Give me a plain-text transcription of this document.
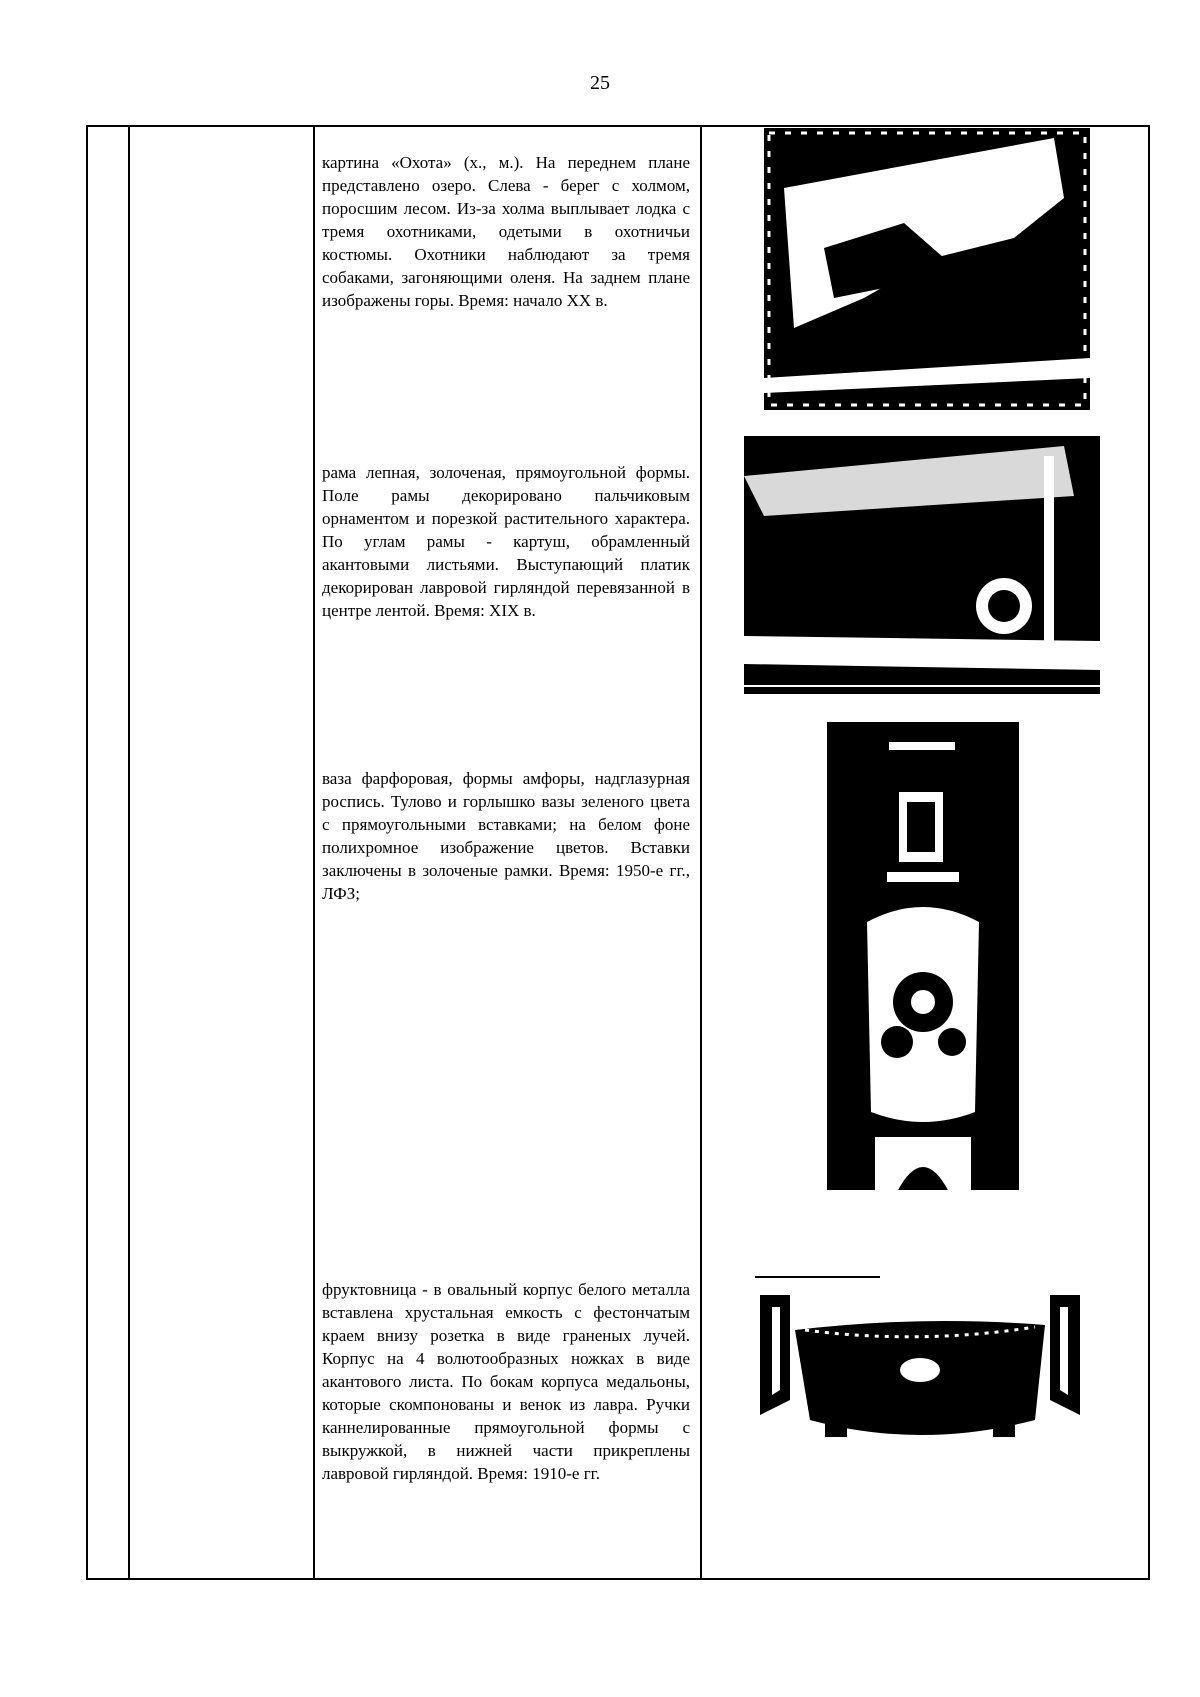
25
картина «Охота» (х., м.). На переднем плане представлено озеро. Слева - берег с холмом, поросшим лесом. Из-за холма выплывает лодка с тремя охотниками, одетыми в охотничьи костюмы. Охотники наблюдают за тремя собаками, загоняющими оленя. На заднем плане изображены горы. Время: начало XX в.
рама лепная, золоченая, прямоугольной формы. Поле рамы декорировано пальчиковым орнаментом и порезкой растительного характера. По углам рамы - картуш, обрамленный акантовыми листьями. Выступающий платик декорирован лавровой гирляндой перевязанной в центре лентой. Время: XIX в.
ваза фарфоровая, формы амфоры, надглазурная роспись. Тулово и горлышко вазы зеленого цвета с прямоугольными вставками; на белом фоне полихромное изображение цветов. Вставки заключены в золоченые рамки. Время: 1950-е гг., ЛФЗ;
фруктовница - в овальный корпус белого металла вставлена хрустальная емкость с фестончатым краем внизу розетка в виде граненых лучей. Корпус на 4 волютообразных ножках в виде акантового листа. По бокам корпуса медальоны, которые скомпонованы и венок из лавра. Ручки каннелированные прямоугольной формы с выкружкой, в нижней части прикреплены лавровой гирляндой. Время: 1910-е гг.
